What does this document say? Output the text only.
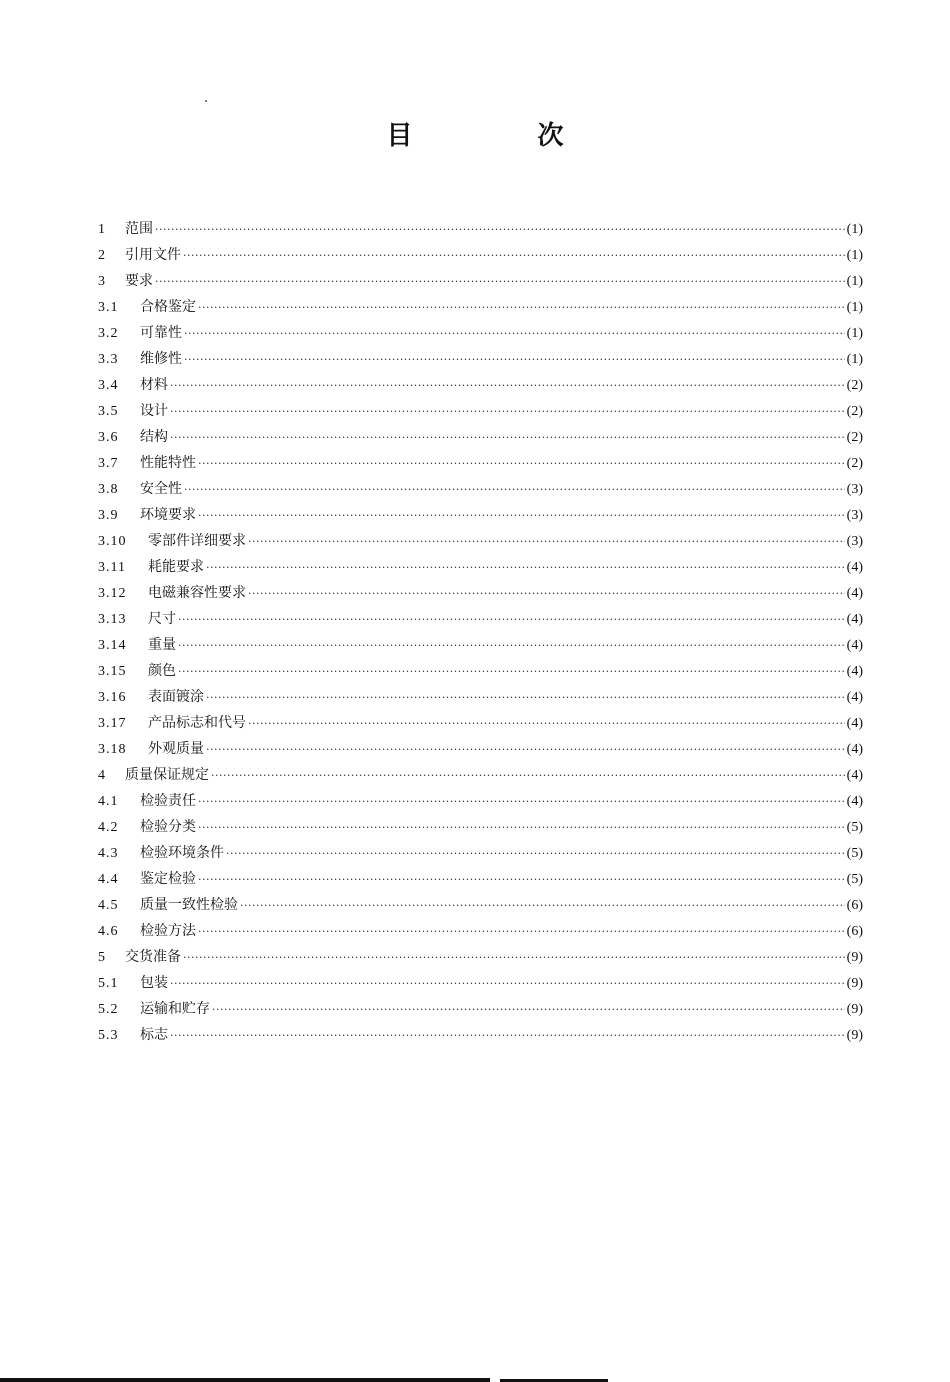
目 次
1	范围 ·····	(1)
2	引用文件 ·····	(1)
3	要求 ·····	(1)
3.1	合格鉴定 ·····	(1)
3.2	可靠性 ·····	(1)
3.3	维修性 ·····	(1)
3.4	材料 ·····	(2)
3.5	设计 ·····	(2)
3.6	结构 ·····	(2)
3.7	性能特性 ·····	(2)
3.8	安全性 ·····	(3)
3.9	环境要求 ·····	(3)
3.10	零部件详细要求 ·····	(3)
3.11	耗能要求 ·····	(4)
3.12	电磁兼容性要求 ·····	(4)
3.13	尺寸 ·····	(4)
3.14	重量 ·····	(4)
3.15	颜色 ·····	(4)
3.16	表面镀涂 ·····	(4)
3.17	产品标志和代号 ·····	(4)
3.18	外观质量 ·····	(4)
4	质量保证规定 ·····	(4)
4.1	检验责任 ·····	(4)
4.2	检验分类 ·····	(5)
4.3	检验环境条件 ·····	(5)
4.4	鉴定检验 ·····	(5)
4.5	质量一致性检验 ·····	(6)
4.6	检验方法 ·····	(6)
5	交货准备 ·····	(9)
5.1	包装 ·····	(9)
5.2	运输和贮存 ·····	(9)
5.3	标志 ·····	(9)
